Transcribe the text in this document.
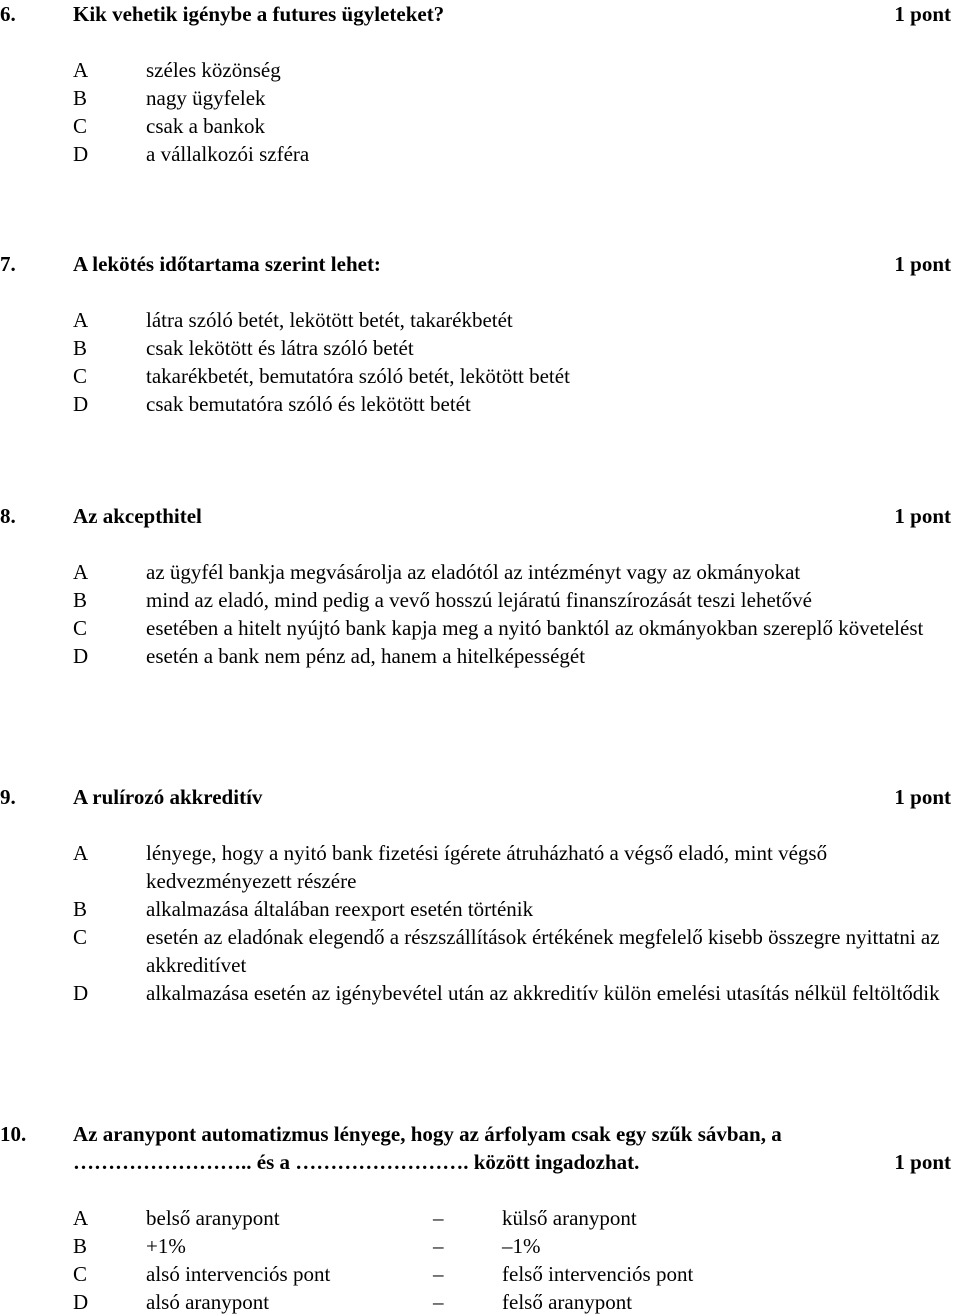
6.	Kik vehetik igénybe a futures ügyleteket?	1 pont
A	széles közönség
B	nagy ügyfelek
C	csak a bankok
D	a vállalkozói szféra
7.	A lekötés időtartama szerint lehet:	1 pont
A	látra szóló betét, lekötött betét, takarékbetét
B	csak lekötött és látra szóló betét
C	takarékbetét, bemutatóra szóló betét, lekötött betét
D	csak bemutatóra szóló és lekötött betét
8.	Az akcepthitel	1 pont
A	az ügyfél bankja megvásárolja az eladótól az intézményt vagy az okmányokat
B	mind az eladó, mind pedig a vevő hosszú lejáratú finanszírozását teszi lehetővé
C	esetében a hitelt nyújtó bank kapja meg a nyitó banktól az okmányokban szereplő követelést
D	esetén a bank nem pénz ad, hanem a hitelképességét
9.	A rulírozó akkreditív	1 pont
A	lényege, hogy a nyitó bank fizetési ígérete átruházható a végső eladó, mint végső kedvezményezett részére
B	alkalmazása általában reexport esetén történik
C	esetén az eladónak elegendő a részszállítások értékének megfelelő kisebb összegre nyittatni az akkreditívet
D	alkalmazása esetén az igénybevétel után az akkreditív külön emelési utasítás nélkül feltöltődik
10. Az aranypont automatizmus lényege, hogy az árfolyam csak egy szűk sávban, a
…………………….. és a ……………………. között ingadozhat.	1 pont
A	belső aranypont	–	külső aranypont
B	+1%	–	–1%
C	alsó intervenciós pont	–	felső intervenciós pont
D	alsó aranypont	–	felső aranypont
